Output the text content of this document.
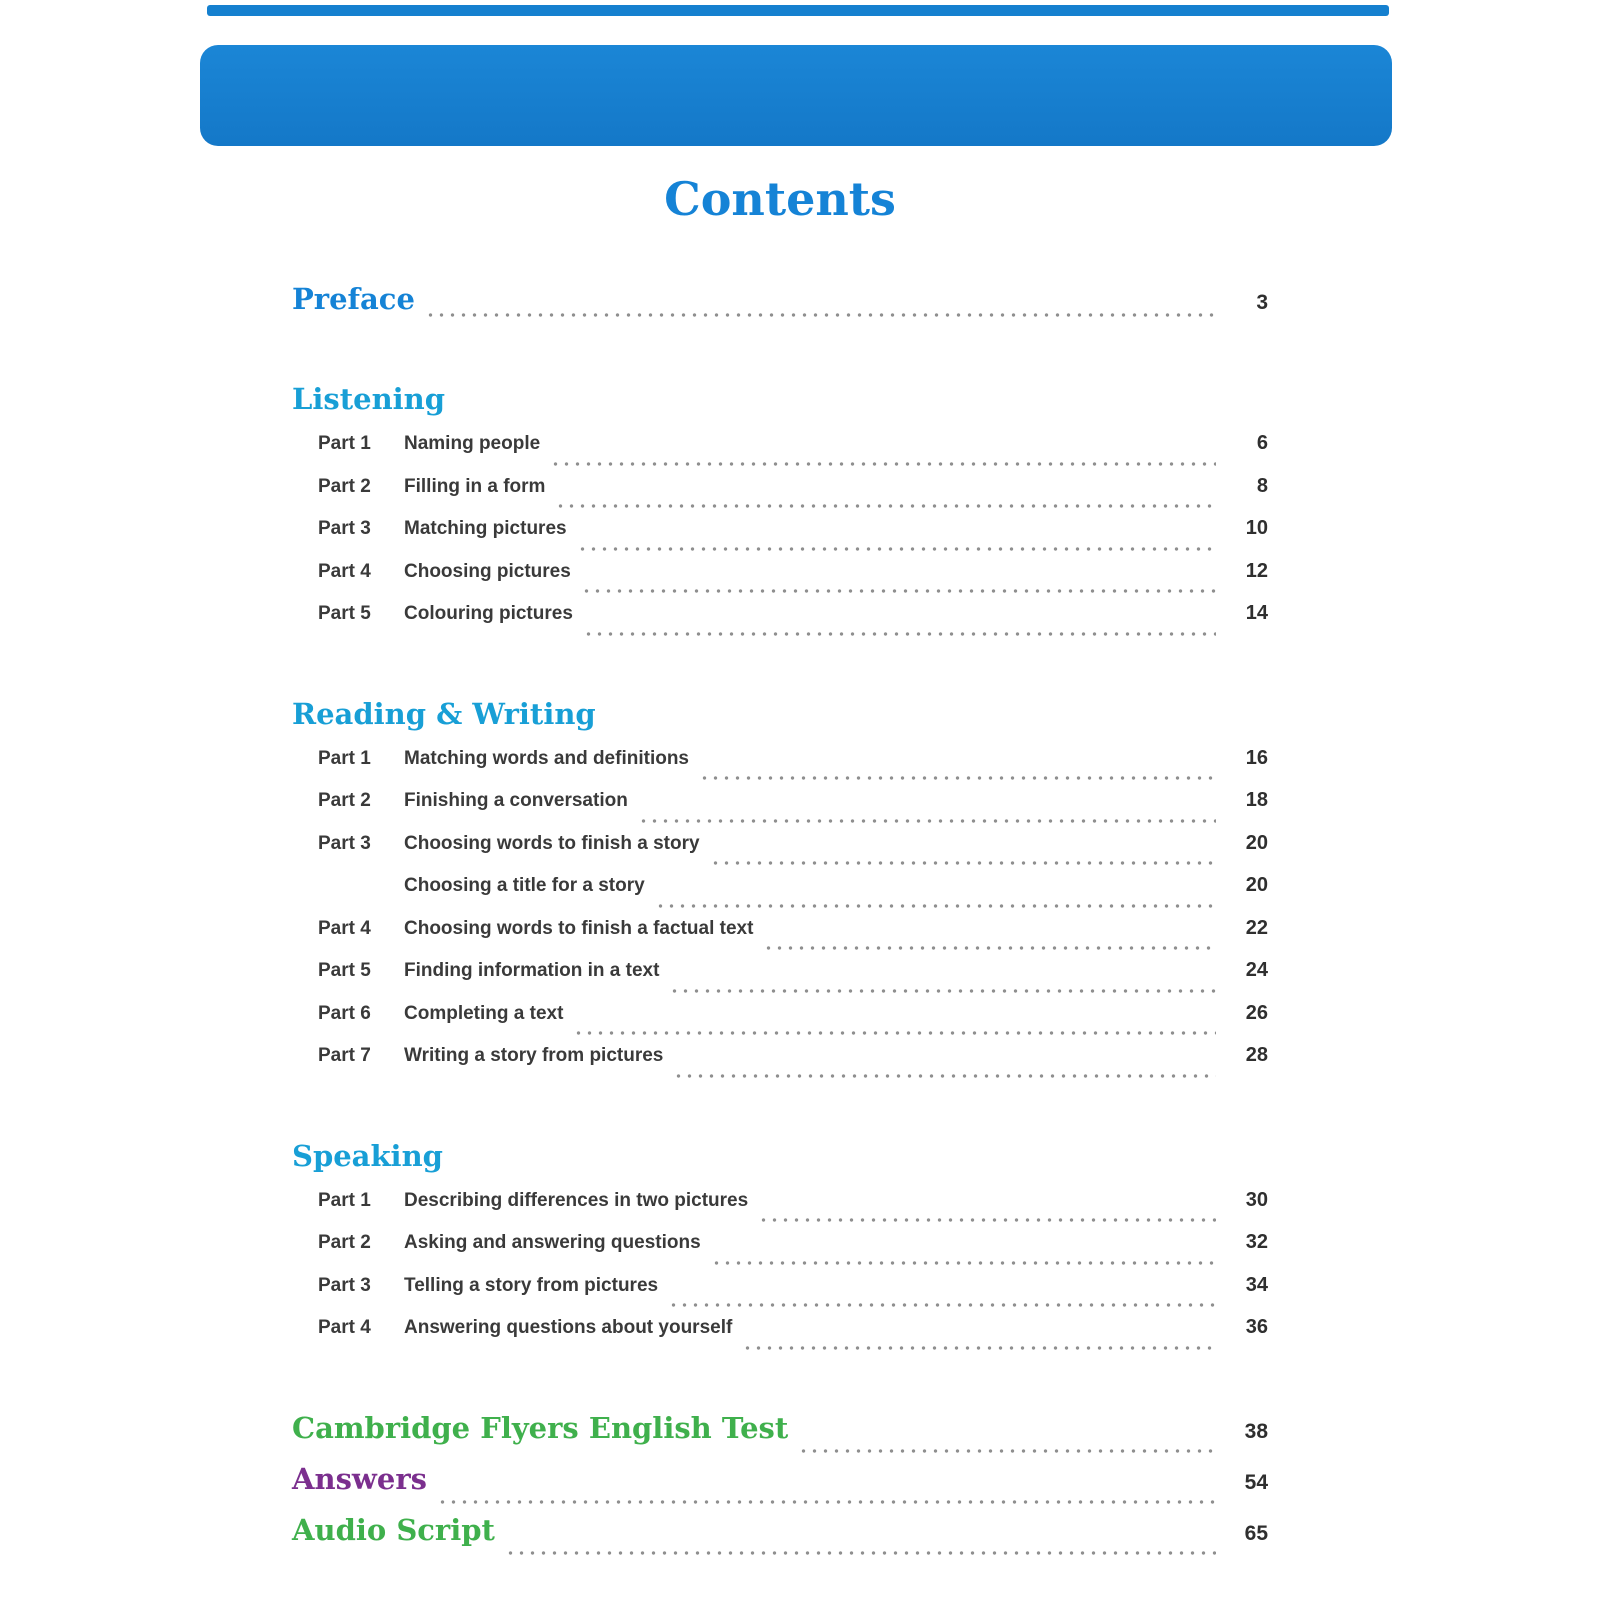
Contents
Preface	3
Listening
Part 1	Naming people	6
Part 2	Filling in a form	8
Part 3	Matching pictures	10
Part 4	Choosing pictures	12
Part 5	Colouring pictures	14
Reading & Writing
Part 1	Matching words and definitions	16
Part 2	Finishing a conversation	18
Part 3	Choosing words to finish a story	20
Choosing a title for a story	20
Part 4	Choosing words to finish a factual text	22
Part 5	Finding information in a text	24
Part 6	Completing a text	26
Part 7	Writing a story from pictures	28
Speaking
Part 1	Describing differences in two pictures	30
Part 2	Asking and answering questions	32
Part 3	Telling a story from pictures	34
Part 4	Answering questions about yourself	36
Cambridge Flyers English Test	38
Answers	54
Audio Script	65
